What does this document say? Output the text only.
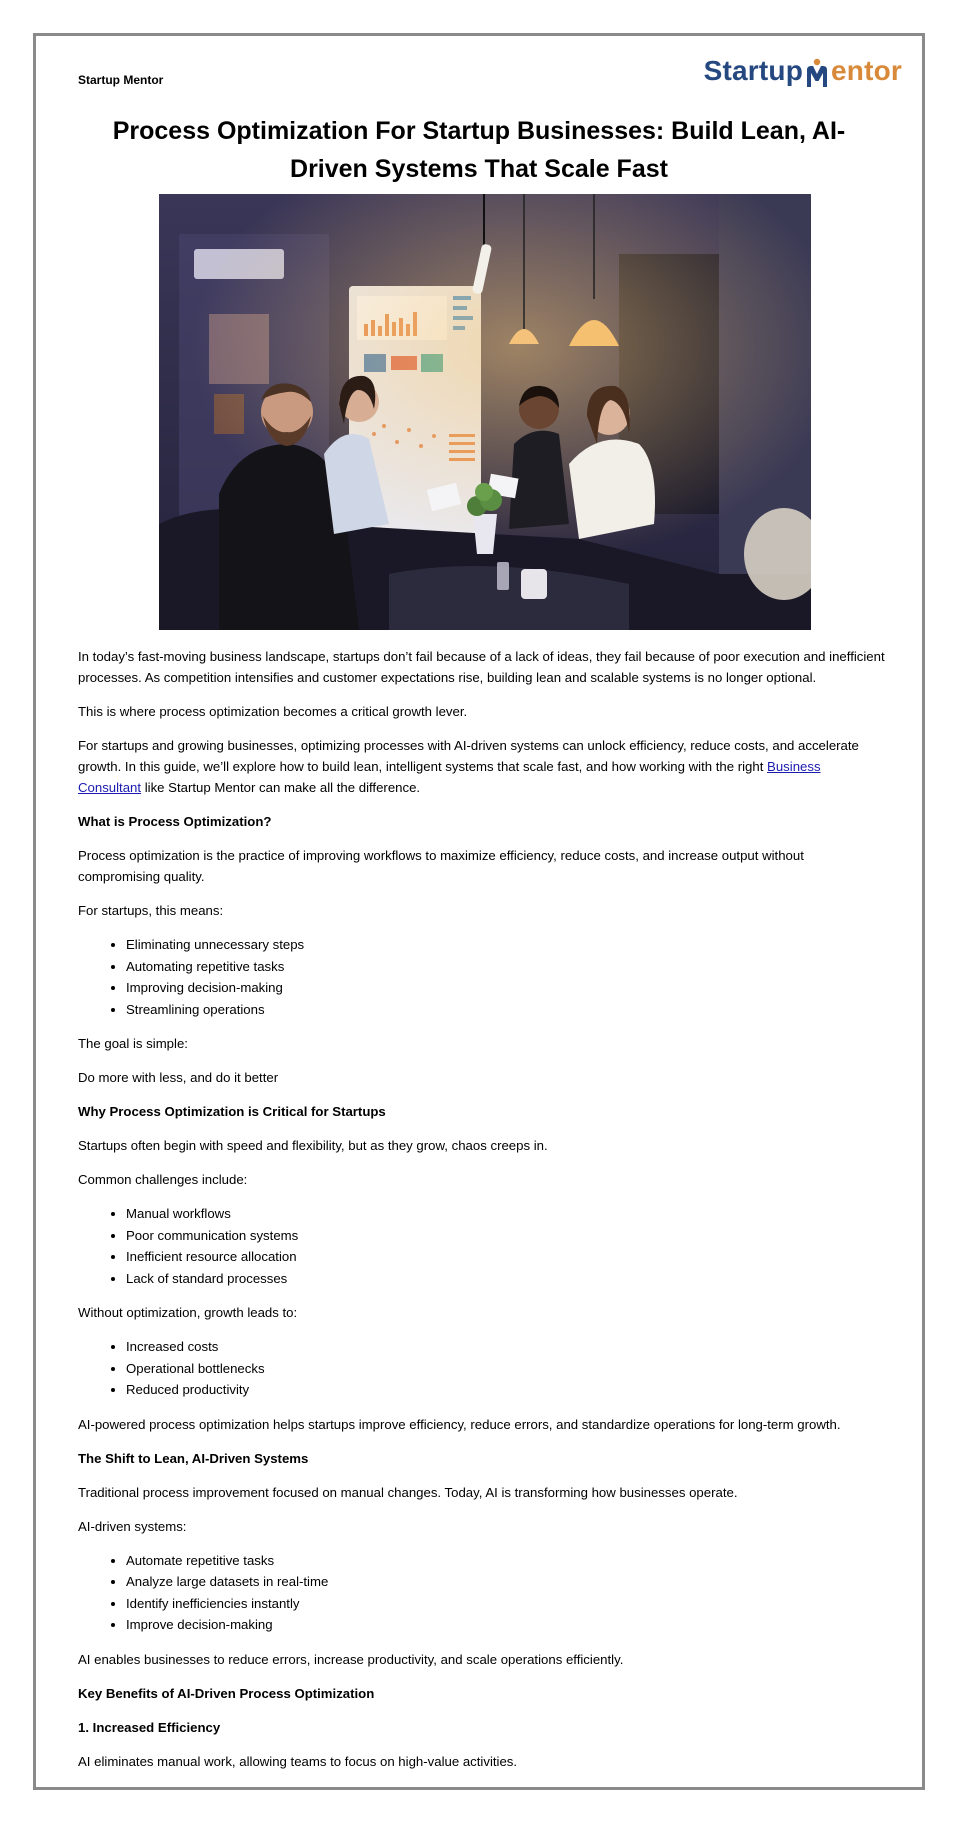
Startup Mentor	Startup entor
Process Optimization For Startup Businesses: Build Lean, AI-Driven Systems That Scale Fast

In today’s fast-moving business landscape, startups don’t fail because of a lack of ideas, they fail because of poor execution and inefficient processes. As competition intensifies and customer expectations rise, building lean and scalable systems is no longer optional.

This is where process optimization becomes a critical growth lever.

For startups and growing businesses, optimizing processes with AI-driven systems can unlock efficiency, reduce costs, and accelerate growth. In this guide, we’ll explore how to build lean, intelligent systems that scale fast, and how working with the right Business Consultant like Startup Mentor can make all the difference.

What is Process Optimization?

Process optimization is the practice of improving workflows to maximize efficiency, reduce costs, and increase output without compromising quality.

For startups, this means:

• Eliminating unnecessary steps
• Automating repetitive tasks
• Improving decision-making
• Streamlining operations

The goal is simple:

Do more with less, and do it better

Why Process Optimization is Critical for Startups

Startups often begin with speed and flexibility, but as they grow, chaos creeps in.

Common challenges include:

• Manual workflows
• Poor communication systems
• Inefficient resource allocation
• Lack of standard processes

Without optimization, growth leads to:

• Increased costs
• Operational bottlenecks
• Reduced productivity

AI-powered process optimization helps startups improve efficiency, reduce errors, and standardize operations for long-term growth.

The Shift to Lean, AI-Driven Systems

Traditional process improvement focused on manual changes. Today, AI is transforming how businesses operate.

AI-driven systems:

• Automate repetitive tasks
• Analyze large datasets in real-time
• Identify inefficiencies instantly
• Improve decision-making

AI enables businesses to reduce errors, increase productivity, and scale operations efficiently.

Key Benefits of AI-Driven Process Optimization

1. Increased Efficiency

AI eliminates manual work, allowing teams to focus on high-value activities.
